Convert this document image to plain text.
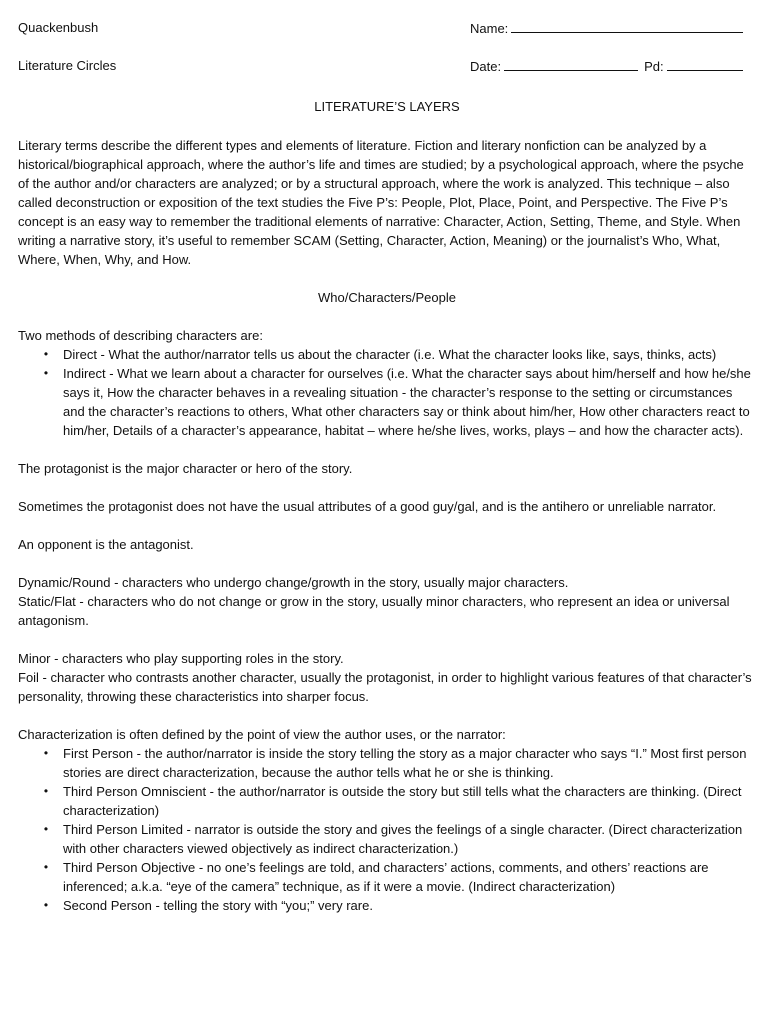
Quackenbush	Name:
Literature Circles	Date:	Pd:
LITERATURE’S LAYERS

Literary terms describe the different types and elements of literature. Fiction and literary nonfiction can be analyzed by a historical/biographical approach, where the author’s life and times are studied; by a psychological approach, where the psyche of the author and/or characters are analyzed; or by a structural approach, where the work is analyzed. This technique – also called deconstruction or exposition of the text studies the Five P’s: People, Plot, Place, Point, and Perspective. The Five P’s concept is an easy way to remember the traditional elements of narrative: Character, Action, Setting, Theme, and Style. When writing a narrative story, it’s useful to remember SCAM (Setting, Character, Action, Meaning) or the journalist’s Who, What, Where, When, Why, and How.

Who/Characters/People

Two methods of describing characters are:

• Direct - What the author/narrator tells us about the character (i.e. What the character looks like, says, thinks, acts)
• Indirect - What we learn about a character for ourselves (i.e. What the character says about him/herself and how he/she says it, How the character behaves in a revealing situation - the character’s response to the setting or circumstances and the character’s reactions to others, What other characters say or think about him/her, How other characters react to him/her, Details of a character’s appearance, habitat – where he/she lives, works, plays – and how the character acts).

The protagonist is the major character or hero of the story.

Sometimes the protagonist does not have the usual attributes of a good guy/gal, and is the antihero or unreliable narrator.

An opponent is the antagonist.

Dynamic/Round - characters who undergo change/growth in the story, usually major characters.

Static/Flat - characters who do not change or grow in the story, usually minor characters, who represent an idea or universal antagonism.

Minor - characters who play supporting roles in the story.

Foil - character who contrasts another character, usually the protagonist, in order to highlight various features of that character’s personality, throwing these characteristics into sharper focus.

Characterization is often defined by the point of view the author uses, or the narrator:

• First Person - the author/narrator is inside the story telling the story as a major character who says “I.” Most first person stories are direct characterization, because the author tells what he or she is thinking.
• Third Person Omniscient - the author/narrator is outside the story but still tells what the characters are thinking. (Direct characterization)
• Third Person Limited - narrator is outside the story and gives the feelings of a single character. (Direct characterization with other characters viewed objectively as indirect characterization.)
• Third Person Objective - no one’s feelings are told, and characters’ actions, comments, and others’ reactions are inferenced; a.k.a. “eye of the camera” technique, as if it were a movie. (Indirect characterization)
• Second Person - telling the story with “you;” very rare.
